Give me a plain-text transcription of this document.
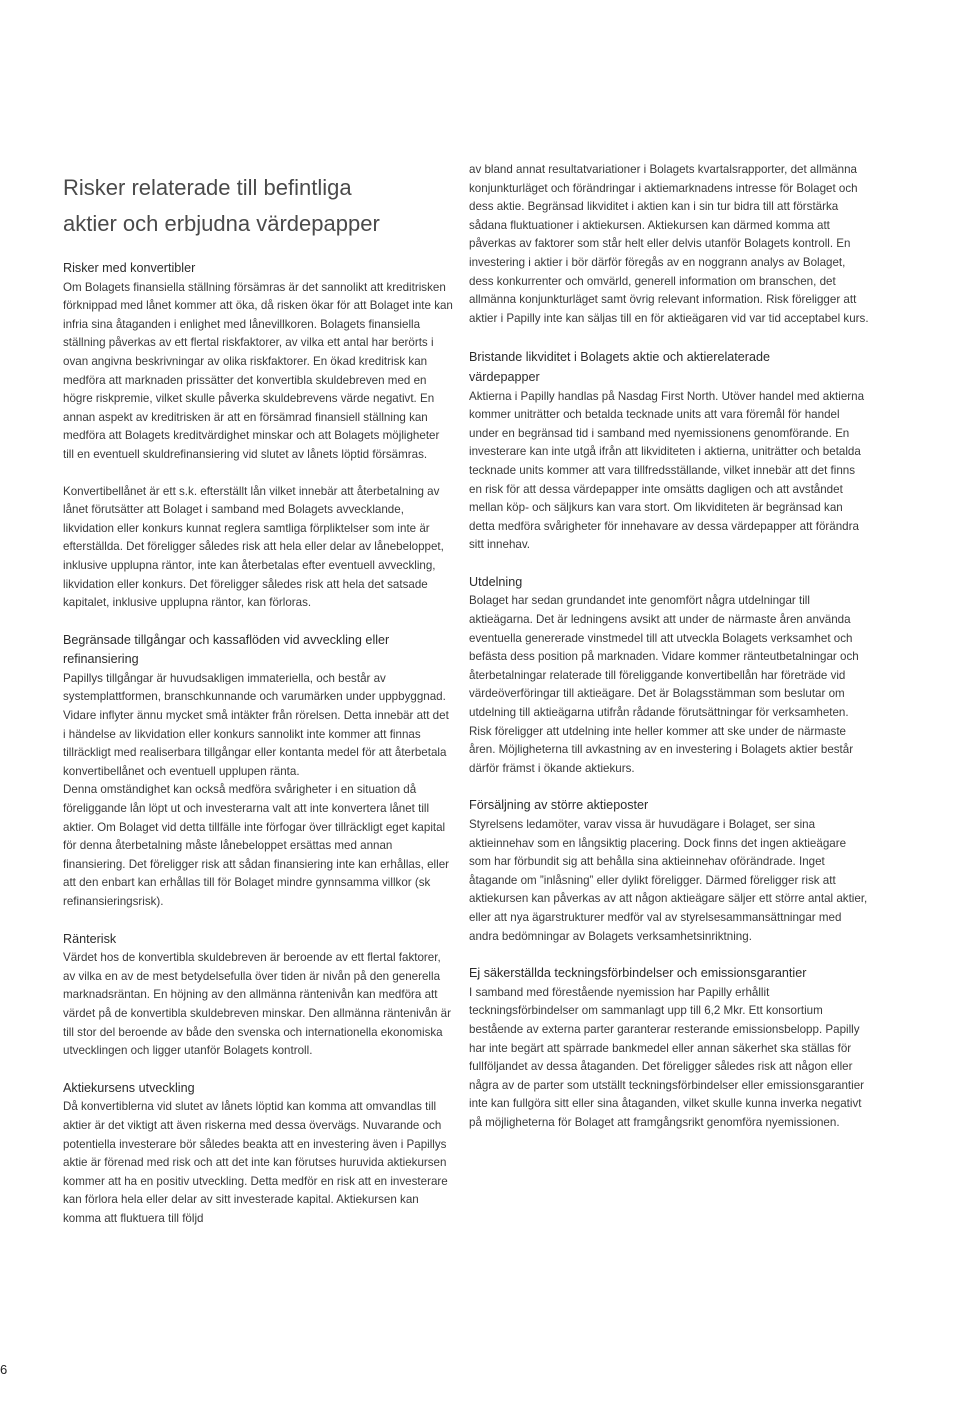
Risker relaterade till befintliga
aktier och erbjudna värdepapper
Risker med konvertibler

Om Bolagets finansiella ställning försämras är det sannolikt att kreditrisken förknippad med lånet kommer att öka, då risken ökar för att Bolaget inte kan infria sina åtaganden i enlighet med lånevillkoren. Bolagets finansiella ställning påverkas av ett flertal riskfaktorer, av vilka ett antal har berörts i ovan angivna beskrivningar av olika riskfaktorer. En ökad kreditrisk kan medföra att marknaden prissätter det konvertibla skuldebreven med en högre riskpremie, vilket skulle påverka skuldebrevens värde negativt. En annan aspekt av kreditrisken är att en försämrad finansiell ställning kan medföra att Bolagets kreditvärdighet minskar och att Bolagets möjligheter till en eventuell skuldrefinansiering vid slutet av lånets löptid försämras.

Konvertibellånet är ett s.k. efterställt lån vilket innebär att återbetalning av lånet förutsätter att Bolaget i samband med Bolagets avvecklande, likvidation eller konkurs kunnat reglera samtliga förpliktelser som inte är efterställda. Det föreligger således risk att hela eller delar av lånebeloppet, inklusive upplupna räntor, inte kan återbetalas efter eventuell avveckling, likvidation eller konkurs. Det föreligger således risk att hela det satsade kapitalet, inklusive upplupna räntor, kan förloras.

Begränsade tillgångar och kassaflöden vid avveckling eller refinansiering

Papillys tillgångar är huvudsakligen immateriella, och består av systemplattformen, branschkunnande och varumärken under uppbyggnad. Vidare inflyter ännu mycket små intäkter från rörelsen. Detta innebär att det i händelse av likvidation eller konkurs sannolikt inte kommer att finnas tillräckligt med realiserbara tillgångar eller kontanta medel för att återbetala konvertibellånet och eventuell upplupen ränta.

Denna omständighet kan också medföra svårigheter i en situation då föreliggande lån löpt ut och investerarna valt att inte konvertera lånet till aktier. Om Bolaget vid detta tillfälle inte förfogar över tillräckligt eget kapital för denna återbetalning måste lånebeloppet ersättas med annan finansiering. Det föreligger risk att sådan finansiering inte kan erhållas, eller att den enbart kan erhållas till för Bolaget mindre gynnsamma villkor (sk refinansieringsrisk).

Ränterisk

Värdet hos de konvertibla skuldebreven är beroende av ett flertal faktorer, av vilka en av de mest betydelsefulla över tiden är nivån på den generella marknadsräntan. En höjning av den allmänna räntenivån kan medföra att värdet på de konvertibla skuldebreven minskar. Den allmänna räntenivån är till stor del beroende av både den svenska och internationella ekonomiska utvecklingen och ligger utanför Bolagets kontroll.

Aktiekursens utveckling

Då konvertiblerna vid slutet av lånets löptid kan komma att omvandlas till aktier är det viktigt att även riskerna med dessa övervägs. Nuvarande och potentiella investerare bör således beakta att en investering även i Papillys aktie är förenad med risk och att det inte kan förutses huruvida aktiekursen kommer att ha en positiv utveckling. Detta medför en risk att en investerare kan förlora hela eller delar av sitt investerade kapital. Aktiekursen kan komma att fluktuera till följd

av bland annat resultatvariationer i Bolagets kvartalsrapporter, det allmänna konjunkturläget och förändringar i aktiemarknadens intresse för Bolaget och dess aktie. Begränsad likviditet i aktien kan i sin tur bidra till att förstärka sådana fluktuationer i aktiekursen. Aktiekursen kan därmed komma att påverkas av faktorer som står helt eller delvis utanför Bolagets kontroll. En investering i aktier i bör därför föregås av en noggrann analys av Bolaget, dess konkurrenter och omvärld, generell information om branschen, det allmänna konjunkturläget samt övrig relevant information. Risk föreligger att aktier i Papilly inte kan säljas till en för aktieägaren vid var tid acceptabel kurs.

Bristande likviditet i Bolagets aktie och aktierelaterade värdepapper

Aktierna i Papilly handlas på Nasdag First North. Utöver handel med aktierna kommer uniträtter och betalda tecknade units att vara föremål för handel under en begränsad tid i samband med nyemissionens genomförande. En investerare kan inte utgå ifrån att likviditeten i aktierna, uniträtter och betalda tecknade units kommer att vara tillfredsställande, vilket innebär att det finns en risk för att dessa värdepapper inte omsätts dagligen och att avståndet mellan köp- och säljkurs kan vara stort. Om likviditeten är begränsad kan detta medföra svårigheter för innehavare av dessa värdepapper att förändra sitt innehav.

Utdelning

Bolaget har sedan grundandet inte genomfört några utdelningar till aktieägarna. Det är ledningens avsikt att under de närmaste åren använda eventuella genererade vinstmedel till att utveckla Bolagets verksamhet och befästa dess position på marknaden. Vidare kommer ränteutbetalningar och återbetalningar relaterade till föreliggande konvertibellån har företräde vid värdeöverföringar till aktieägare. Det är Bolagsstämman som beslutar om utdelning till aktieägarna utifrån rådande förutsättningar för verksamheten. Risk föreligger att utdelning inte heller kommer att ske under de närmaste åren. Möjligheterna till avkastning av en investering i Bolagets aktier består därför främst i ökande aktiekurs.

Försäljning av större aktieposter

Styrelsens ledamöter, varav vissa är huvudägare i Bolaget, ser sina aktieinnehav som en långsiktig placering. Dock finns det ingen aktieägare som har förbundit sig att behålla sina aktieinnehav oförändrade. Inget åtagande om ”inlåsning” eller dylikt föreligger. Därmed föreligger risk att aktiekursen kan påverkas av att någon aktieägare säljer ett större antal aktier, eller att nya ägarstrukturer medför val av styrelsesammansättningar med andra bedömningar av Bolagets verksamhetsinriktning.

Ej säkerställda teckningsförbindelser och emissionsgarantier

I samband med förestående nyemission har Papilly erhållit teckningsförbindelser om sammanlagt upp till 6,2 Mkr. Ett konsortium bestående av externa parter garanterar resterande emissionsbelopp. Papilly har inte begärt att spärrade bankmedel eller annan säkerhet ska ställas för fullföljandet av dessa åtaganden. Det föreligger således risk att någon eller några av de parter som utställt teckningsförbindelser eller emissionsgarantier inte kan fullgöra sitt eller sina åtaganden, vilket skulle kunna inverka negativt på möjligheterna för Bolaget att framgångsrikt genomföra nyemissionen.

6
